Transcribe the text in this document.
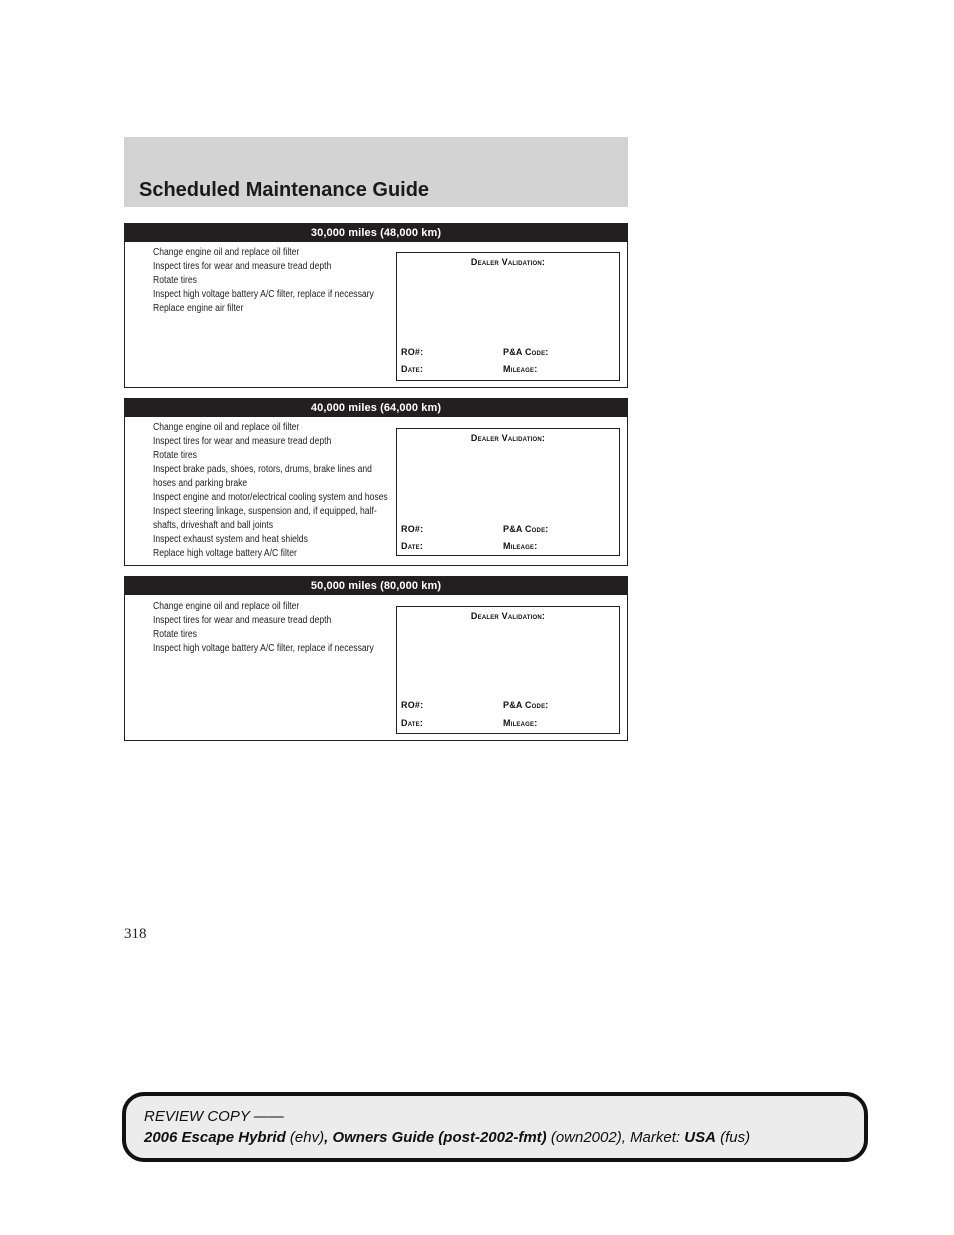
Scheduled Maintenance Guide
30,000 miles (48,000 km)
Change engine oil and replace oil filter
Inspect tires for wear and measure tread depth
Rotate tires
Inspect high voltage battery A/C filter, replace if necessary
Replace engine air filter
Dealer Validation:
RO#:	P&A Code:
Date:	Mileage:
40,000 miles (64,000 km)
Change engine oil and replace oil filter
Inspect tires for wear and measure tread depth
Rotate tires
Inspect brake pads, shoes, rotors, drums, brake lines and
hoses and parking brake
Inspect engine and motor/electrical cooling system and hoses
Inspect steering linkage, suspension and, if equipped, half-
shafts, driveshaft and ball joints
Inspect exhaust system and heat shields
Replace high voltage battery A/C filter
Dealer Validation:
RO#:	P&A Code:
Date:	Mileage:
50,000 miles (80,000 km)
Change engine oil and replace oil filter
Inspect tires for wear and measure tread depth
Rotate tires
Inspect high voltage battery A/C filter, replace if necessary
Dealer Validation:
RO#:	P&A Code:
Date:	Mileage:
318
REVIEW COPY ——
2006 Escape Hybrid (ehv), Owners Guide (post-2002-fmt) (own2002), Market: USA (fus)
